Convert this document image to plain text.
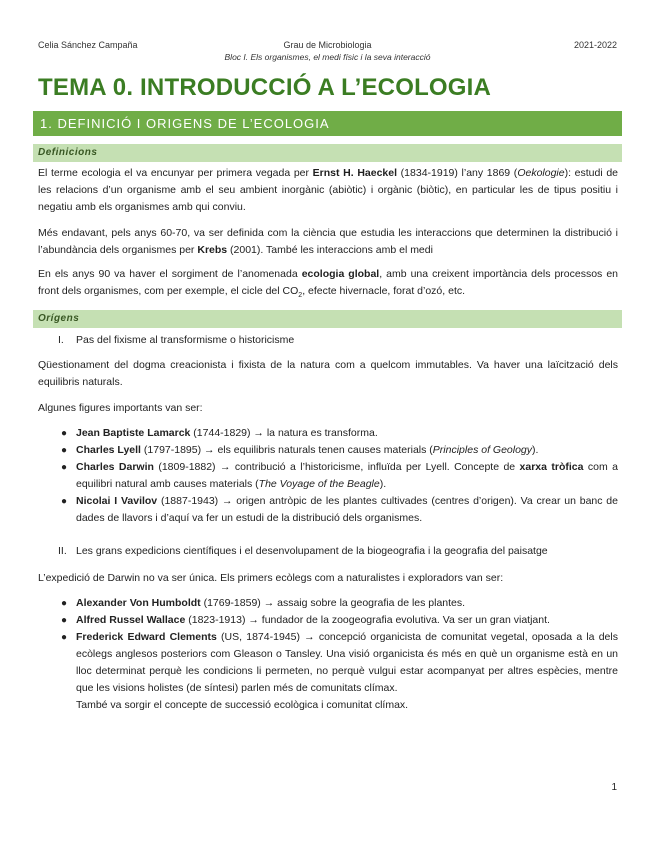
Celia Sánchez Campaña	Grau de Microbiologia
Bloc I. Els organismes, el medi físic i la seva interacció
2021-2022
TEMA 0. INTRODUCCIÓ A L’ECOLOGIA
1. DEFINICIÓ I ORIGENS DE L’ECOLOGIA
Definicions

El terme ecologia el va encunyar per primera vegada per Ernst H. Haeckel (1834-1919) l’any 1869 (Oekologie): estudi de les relacions d’un organisme amb el seu ambient inorgànic (abiòtic) i orgànic (biòtic), en particular les de tipus positiu i negatiu amb els organismes amb qui conviu.

Més endavant, pels anys 60-70, va ser definida com la ciència que estudia les interaccions que determinen la distribució i l’abundància dels organismes per Krebs (2001). També les interaccions amb el medi

En els anys 90 va haver el sorgiment de l’anomenada ecologia global, amb una creixent importància dels processos en front dels organismes, com per exemple, el cicle del $CO_2$, efecte hivernacle, forat d’ozó, etc.

Orígens
I. Pas del fixisme al transformisme o historicisme

Qüestionament del dogma creacionista i fixista de la natura com a quelcom immutables. Va haver una laïcització dels equilibris naturals.

Algunes figures importants van ser:

● Jean Baptiste Lamarck (1744-1829) → la natura es transforma.
● Charles Lyell (1797-1895) → els equilibris naturals tenen causes materials (Principles of Geology).
● Charles Darwin (1809-1882) → contribució a l’historicisme, influïda per Lyell. Concepte de xarxa tròfica com a equilibri natural amb causes materials (The Voyage of the Beagle).
● Nicolai I Vavilov (1887-1943) → origen antròpic de les plantes cultivades (centres d’origen). Va crear un banc de dades de llavors i d’aquí va fer un estudi de la distribució dels organismes.
II. Les grans expedicions científiques i el desenvolupament de la biogeografia i la geografia del paisatge

L’expedició de Darwin no va ser única. Els primers ecòlegs com a naturalistes i exploradors van ser:

● Alexander Von Humboldt (1769-1859) → assaig sobre la geografia de les plantes.
● Alfred Russel Wallace (1823-1913) → fundador de la zoogeografia evolutiva. Va ser un gran viatjant.
● Frederick Edward Clements (US, 1874-1945) → concepció organicista de comunitat vegetal, oposada a la dels ecòlegs anglesos posteriors com Gleason o Tansley. Una visió organicista és més en què un organisme està en un lloc determinat perquè les condicions li permeten, no perquè vulgui estar acompanyat per altres espècies, mentre que les visions holistes (de síntesi) parlen més de comunitats clímax.
També va sorgir el concepte de successió ecològica i comunitat clímax.
1
